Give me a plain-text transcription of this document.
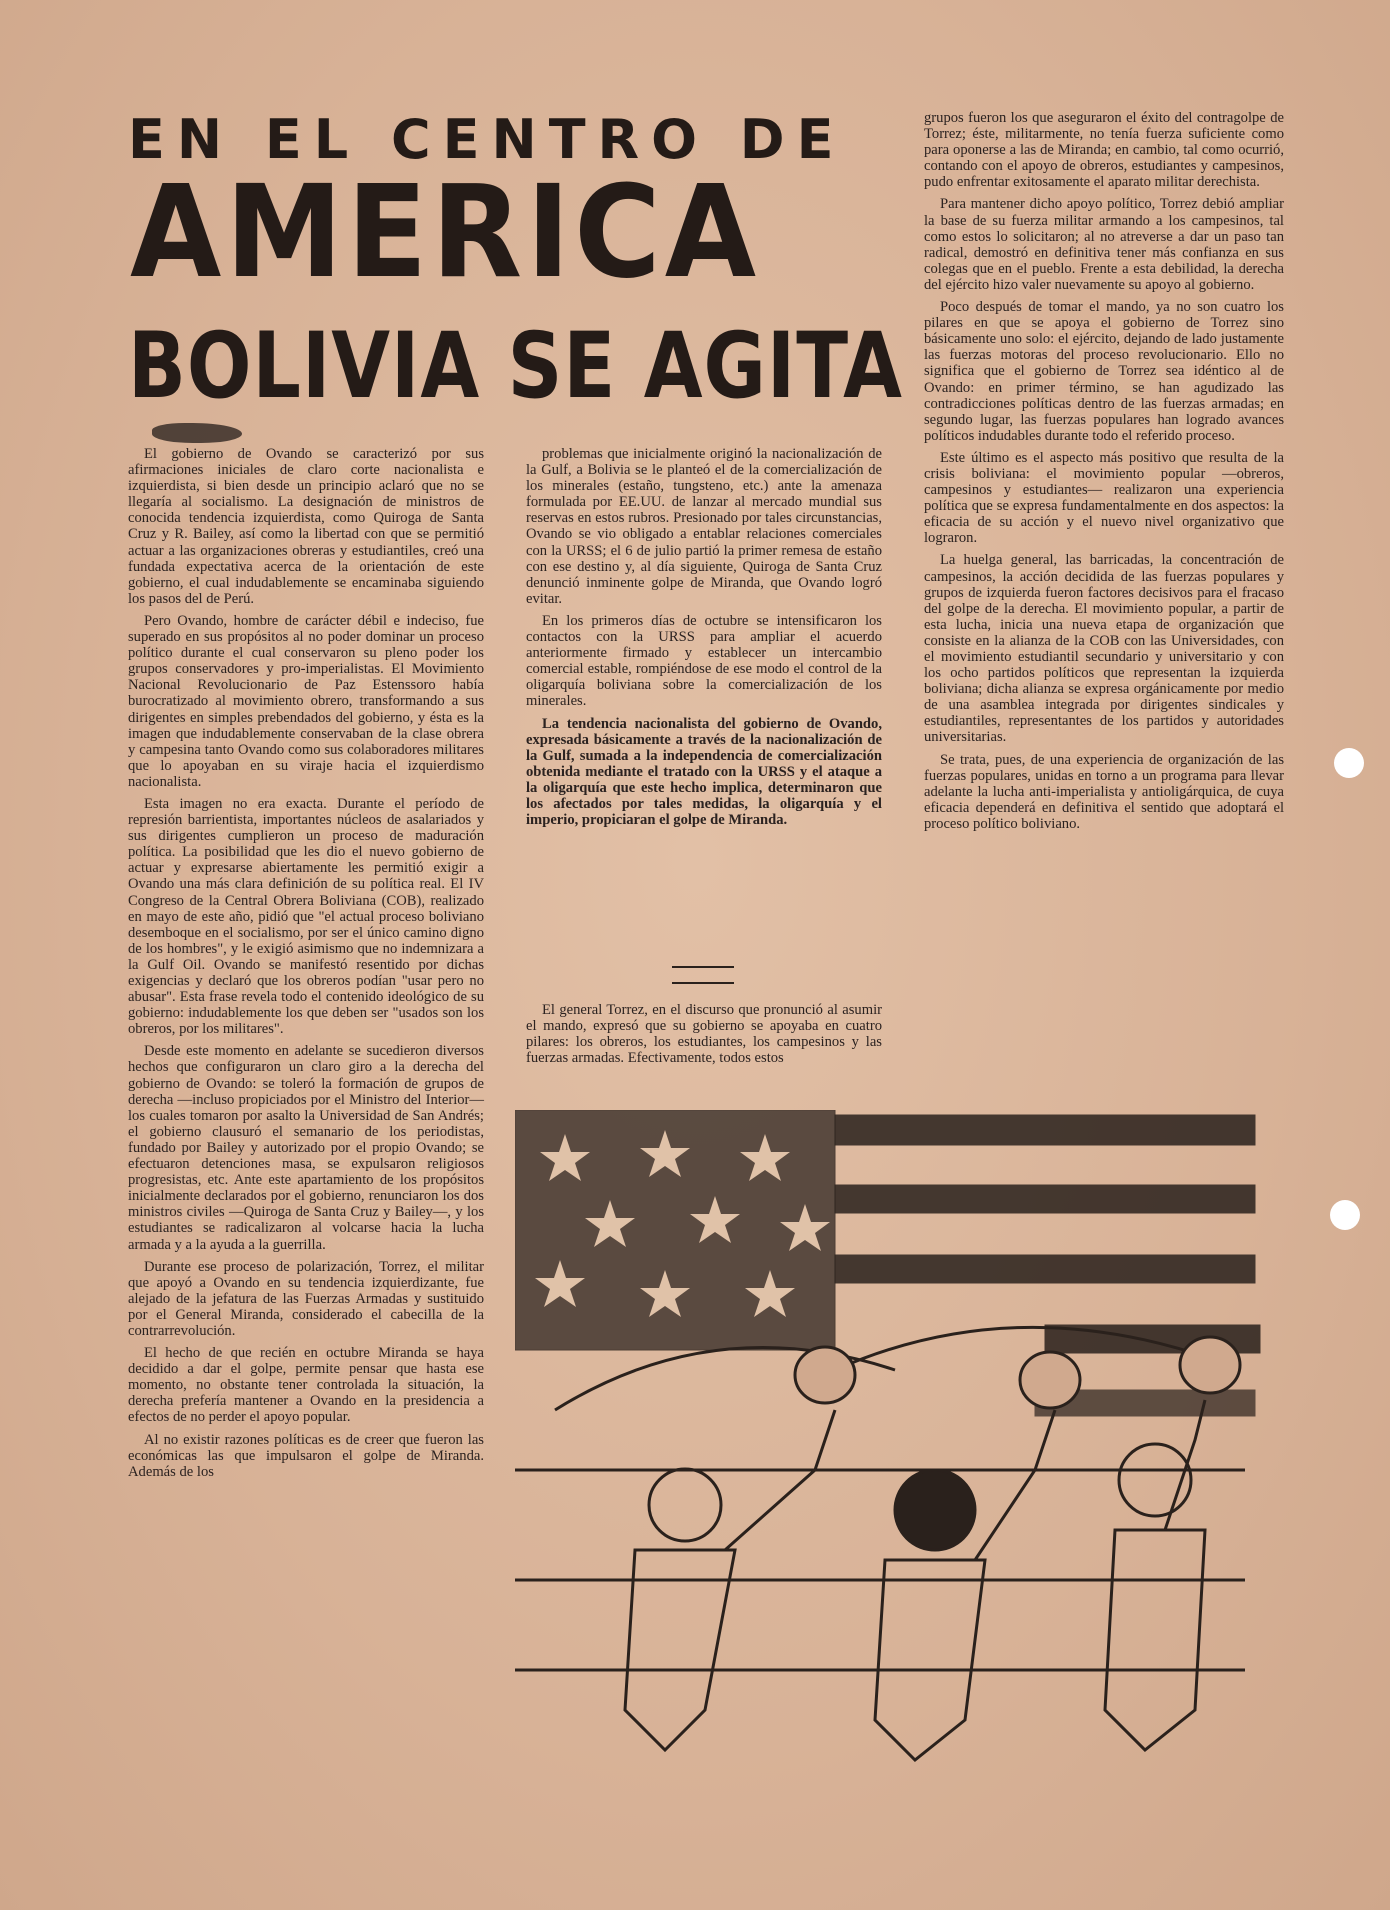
EN EL CENTRO DE
AMERICA
BOLIVIA SE AGITA

El gobierno de Ovando se caracterizó por sus afirmaciones iniciales de claro corte nacionalista e izquierdista, si bien desde un principio aclaró que no se llegaría al socialismo. La designación de ministros de conocida tendencia izquierdista, como Quiroga de Santa Cruz y R. Bailey, así como la libertad con que se permitió actuar a las organizaciones obreras y estudiantiles, creó una fundada expectativa acerca de la orientación de este gobierno, el cual indudablemente se encaminaba siguiendo los pasos del de Perú.

Pero Ovando, hombre de carácter débil e indeciso, fue superado en sus propósitos al no poder dominar un proceso político durante el cual conservaron su pleno poder los grupos conservadores y pro-imperialistas. El Movimiento Nacional Revolucionario de Paz Estenssoro había burocratizado al movimiento obrero, transformando a sus dirigentes en simples prebendados del gobierno, y ésta es la imagen que indudablemente conservaban de la clase obrera y campesina tanto Ovando como sus colaboradores militares que lo apoyaban en su viraje hacia el izquierdismo nacionalista.

Esta imagen no era exacta. Durante el período de represión barrientista, importantes núcleos de asalariados y sus dirigentes cumplieron un proceso de maduración política. La posibilidad que les dio el nuevo gobierno de actuar y expresarse abiertamente les permitió exigir a Ovando una más clara definición de su política real. El IV Congreso de la Central Obrera Boliviana (COB), realizado en mayo de este año, pidió que "el actual proceso boliviano desemboque en el socialismo, por ser el único camino digno de los hombres", y le exigió asimismo que no indemnizara a la Gulf Oil. Ovando se manifestó resentido por dichas exigencias y declaró que los obreros podían "usar pero no abusar". Esta frase revela todo el contenido ideológico de su gobierno: indudablemente los que deben ser "usados son los obreros, por los militares".

Desde este momento en adelante se sucedieron diversos hechos que configuraron un claro giro a la derecha del gobierno de Ovando: se toleró la formación de grupos de derecha —incluso propiciados por el Ministro del Interior— los cuales tomaron por asalto la Universidad de San Andrés; el gobierno clausuró el semanario de los periodistas, fundado por Bailey y autorizado por el propio Ovando; se efectuaron detenciones masa, se expulsaron religiosos progresistas, etc. Ante este apartamiento de los propósitos inicialmente declarados por el gobierno, renunciaron los dos ministros civiles —Quiroga de Santa Cruz y Bailey—, y los estudiantes se radicalizaron al volcarse hacia la lucha armada y a la ayuda a la guerrilla.

Durante ese proceso de polarización, Torrez, el militar que apoyó a Ovando en su tendencia izquierdizante, fue alejado de la jefatura de las Fuerzas Armadas y sustituido por el General Miranda, considerado el cabecilla de la contrarrevolución.

El hecho de que recién en octubre Miranda se haya decidido a dar el golpe, permite pensar que hasta ese momento, no obstante tener controlada la situación, la derecha prefería mantener a Ovando en la presidencia a efectos de no perder el apoyo popular.

Al no existir razones políticas es de creer que fueron las económicas las que impulsaron el golpe de Miranda. Además de los

problemas que inicialmente originó la nacionalización de la Gulf, a Bolivia se le planteó el de la comercialización de los minerales (estaño, tungsteno, etc.) ante la amenaza formulada por EE.UU. de lanzar al mercado mundial sus reservas en estos rubros. Presionado por tales circunstancias, Ovando se vio obligado a entablar relaciones comerciales con la URSS; el 6 de julio partió la primer remesa de estaño con ese destino y, al día siguiente, Quiroga de Santa Cruz denunció inminente golpe de Miranda, que Ovando logró evitar.

En los primeros días de octubre se intensificaron los contactos con la URSS para ampliar el acuerdo anteriormente firmado y establecer un intercambio comercial estable, rompiéndose de ese modo el control de la oligarquía boliviana sobre la comercialización de los minerales.

La tendencia nacionalista del gobierno de Ovando, expresada básicamente a través de la nacionalización de la Gulf, sumada a la independencia de comercialización obtenida mediante el tratado con la URSS y el ataque a la oligarquía que este hecho implica, determinaron que los afectados por tales medidas, la oligarquía y el imperio, propiciaran el golpe de Miranda.

El general Torrez, en el discurso que pronunció al asumir el mando, expresó que su gobierno se apoyaba en cuatro pilares: los obreros, los estudiantes, los campesinos y las fuerzas armadas. Efectivamente, todos estos

grupos fueron los que aseguraron el éxito del contragolpe de Torrez; éste, militarmente, no tenía fuerza suficiente como para oponerse a las de Miranda; en cambio, tal como ocurrió, contando con el apoyo de obreros, estudiantes y campesinos, pudo enfrentar exitosamente el aparato militar derechista.

Para mantener dicho apoyo político, Torrez debió ampliar la base de su fuerza militar armando a los campesinos, tal como estos lo solicitaron; al no atreverse a dar un paso tan radical, demostró en definitiva tener más confianza en sus colegas que en el pueblo. Frente a esta debilidad, la derecha del ejército hizo valer nuevamente su apoyo al gobierno.

Poco después de tomar el mando, ya no son cuatro los pilares en que se apoya el gobierno de Torrez sino básicamente uno solo: el ejército, dejando de lado justamente las fuerzas motoras del proceso revolucionario. Ello no significa que el gobierno de Torrez sea idéntico al de Ovando: en primer término, se han agudizado las contradicciones políticas dentro de las fuerzas armadas; en segundo lugar, las fuerzas populares han logrado avances políticos indudables durante todo el referido proceso.

Este último es el aspecto más positivo que resulta de la crisis boliviana: el movimiento popular —obreros, campesinos y estudiantes— realizaron una experiencia política que se expresa fundamentalmente en dos aspectos: la eficacia de su acción y el nuevo nivel organizativo que lograron.

La huelga general, las barricadas, la concentración de campesinos, la acción decidida de las fuerzas populares y grupos de izquierda fueron factores decisivos para el fracaso del golpe de la derecha. El movimiento popular, a partir de esta lucha, inicia una nueva etapa de organización que consiste en la alianza de la COB con las Universidades, con el movimiento estudiantil secundario y universitario y con los ocho partidos políticos que representan la izquierda boliviana; dicha alianza se expresa orgánicamente por medio de una asamblea integrada por dirigentes sindicales y estudiantiles, representantes de los partidos y autoridades universitarias.

Se trata, pues, de una experiencia de organización de las fuerzas populares, unidas en torno a un programa para llevar adelante la lucha anti-imperialista y antioligárquica, de cuya eficacia dependerá en definitiva el sentido que adoptará el proceso político boliviano.
